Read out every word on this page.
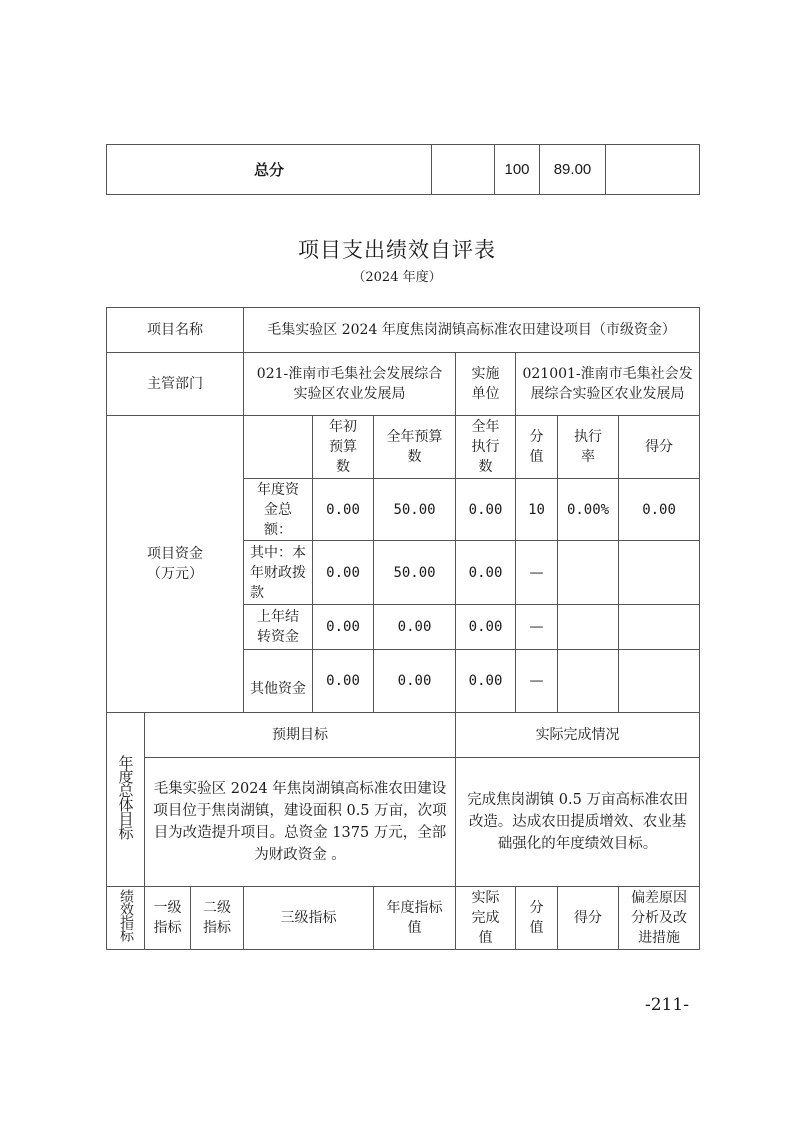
总分		100	89.00	
项目支出绩效自评表
（2024 年度）
项目名称			毛集实验区 2024 年度焦岗湖镇高标准农田建设项目（市级资金）						
主管部门			021-淮南市毛集社会发展综合实验区农业发展局			实施单位	021001-淮南市毛集社会发展综合实验区农业发展局		

项目资金
（万元）				年初预算数	全年预算数	全年执行数	分值	执行率	得分
			年度资金总额：	0.00	50.00	0.00	10	0.00%	0.00
			其中：本年财政拨款	0.00	50.00	0.00	—		
			上年结转资金	0.00	0.00	0.00	—		
			其他资金	0.00	0.00	0.00	—		
年度总体目标	预期目标					实际完成情况			
	毛集实验区 2024 年焦岗湖镇高标准农田建设项目位于焦岗湖镇，建设面积 0.5 万亩，次项目为改造提升项目。总资金 1375 万元，全部为财政资金 。					完成焦岗湖镇 0.5 万亩高标准农田改造。达成农田提质增效、农业基础强化的年度绩效目标。			
绩效指标	一级指标	二级指标	三级指标		年度指标值	实际完成值	分值	得分	偏差原因分析及改进措施
-211-
